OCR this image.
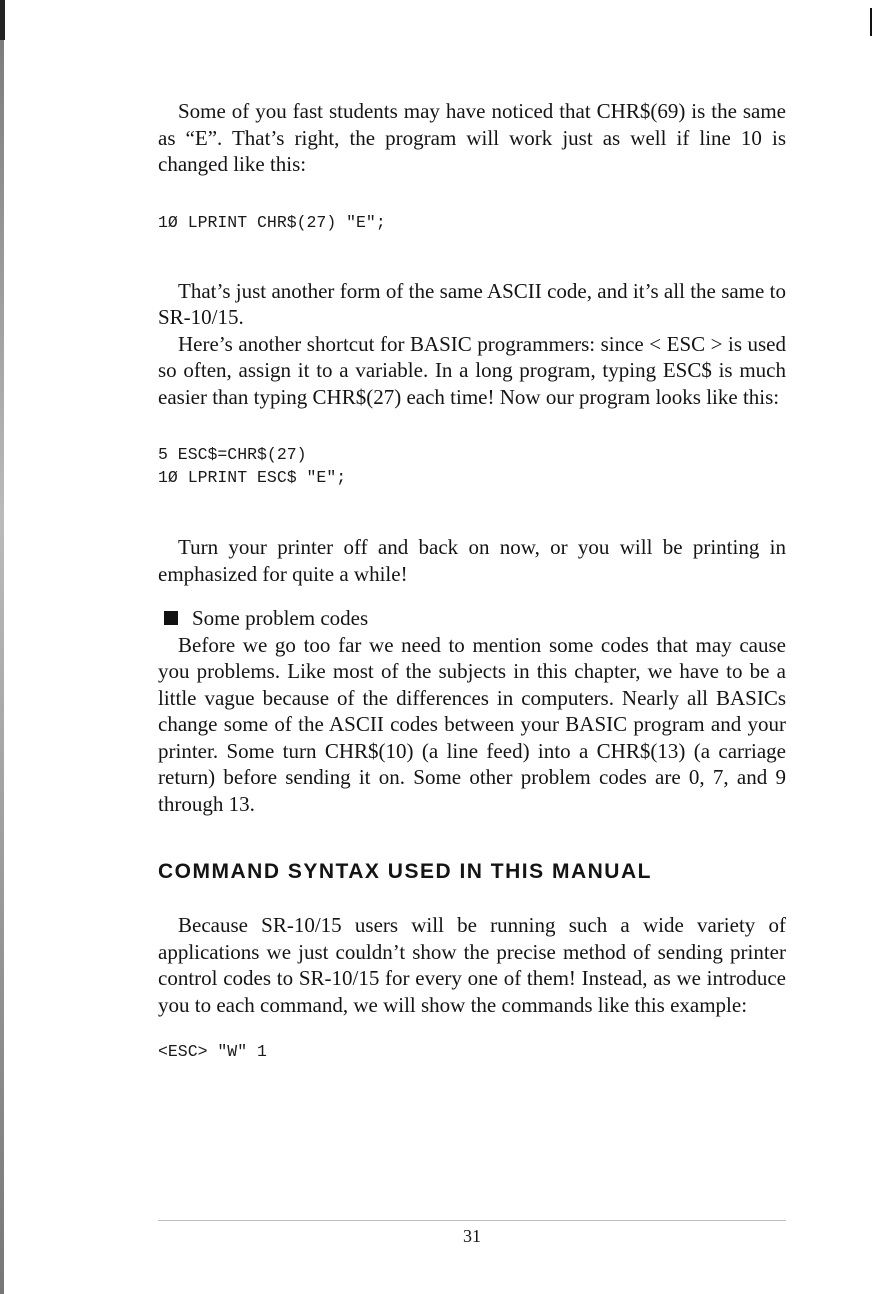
Some of you fast students may have noticed that CHR$(69) is the same as “E”. That’s right, the program will work just as well if line 10 is changed like this:

1Ø LPRINT CHR$(27) "E";

That’s just another form of the same ASCII code, and it’s all the same to SR-10/15.

Here’s another shortcut for BASIC programmers: since < ESC > is used so often, assign it to a variable. In a long program, typing ESC$ is much easier than typing CHR$(27) each time! Now our program looks like this:

5 ESC$=CHR$(27)

1Ø LPRINT ESC$ "E";

Turn your printer off and back on now, or you will be printing in emphasized for quite a while!

Some problem codes

Before we go too far we need to mention some codes that may cause you problems. Like most of the subjects in this chapter, we have to be a little vague because of the differences in computers. Nearly all BASICs change some of the ASCII codes between your BASIC program and your printer. Some turn CHR$(10) (a line feed) into a CHR$(13) (a carriage return) before sending it on. Some other problem codes are 0, 7, and 9 through 13.

COMMAND SYNTAX USED IN THIS MANUAL

Because SR-10/15 users will be running such a wide variety of applications we just couldn’t show the precise method of sending printer control codes to SR-10/15 for every one of them! Instead, as we introduce you to each command, we will show the commands like this example:

<ESC> "W" 1

31
